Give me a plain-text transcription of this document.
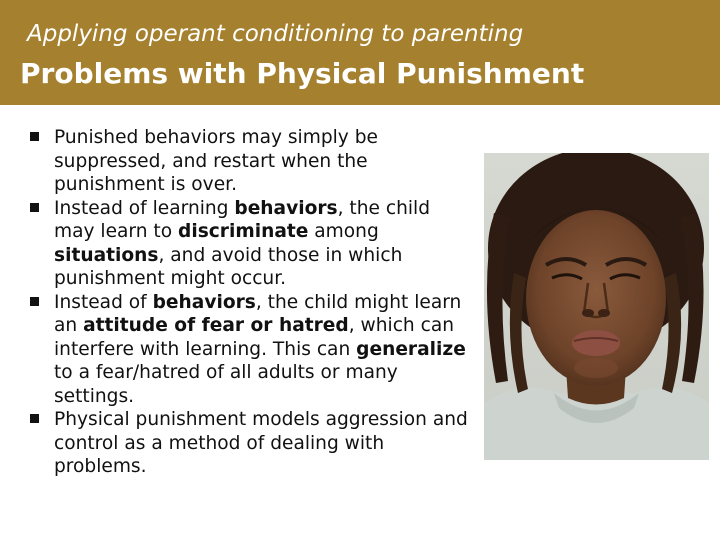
Applying operant conditioning to parenting
Problems with Physical Punishment
Punished behaviors may simply be suppressed, and restart when the punishment is over.
Instead of learning behaviors, the child may learn to discriminate among situations, and avoid those in which punishment might occur.
Instead of behaviors, the child might learn an attitude of fear or hatred, which can interfere with learning. This can generalize to a fear/hatred of all adults or many settings.
Physical punishment models aggression and control as a method of dealing with problems.
